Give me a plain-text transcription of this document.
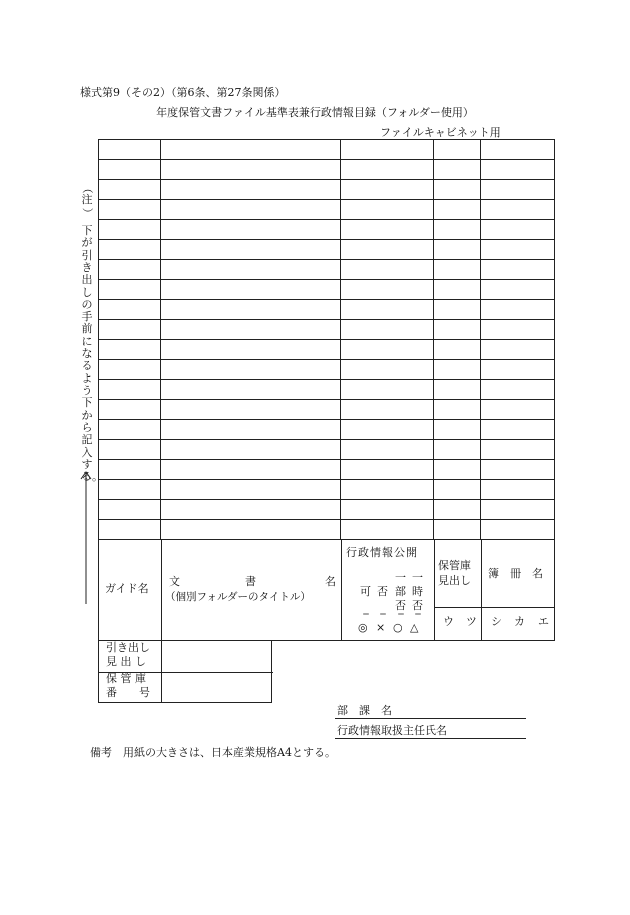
様式第9（その2）（第6条、第27条関係）
年度保管文書ファイル基準表兼行政情報目録（フォルダー使用）
ファイルキャビネット用
（
注
）
下が引き出しの手前になるよう下から記入する。
ガイド名
文	書	名
（個別フォルダーのタイトル）
行政情報公開
可 否
一
部
否
一
時
否
＝ ＝ ＝ ＝
◎ × ○ △
保管庫
見出し
簿　冊　名
ウ ツ シ カ エ
引き出し
見 出 し
保 管 庫
番　　号
部　課　名
行政情報取扱主任氏名
備考　用紙の大きさは、日本産業規格A4とする。
